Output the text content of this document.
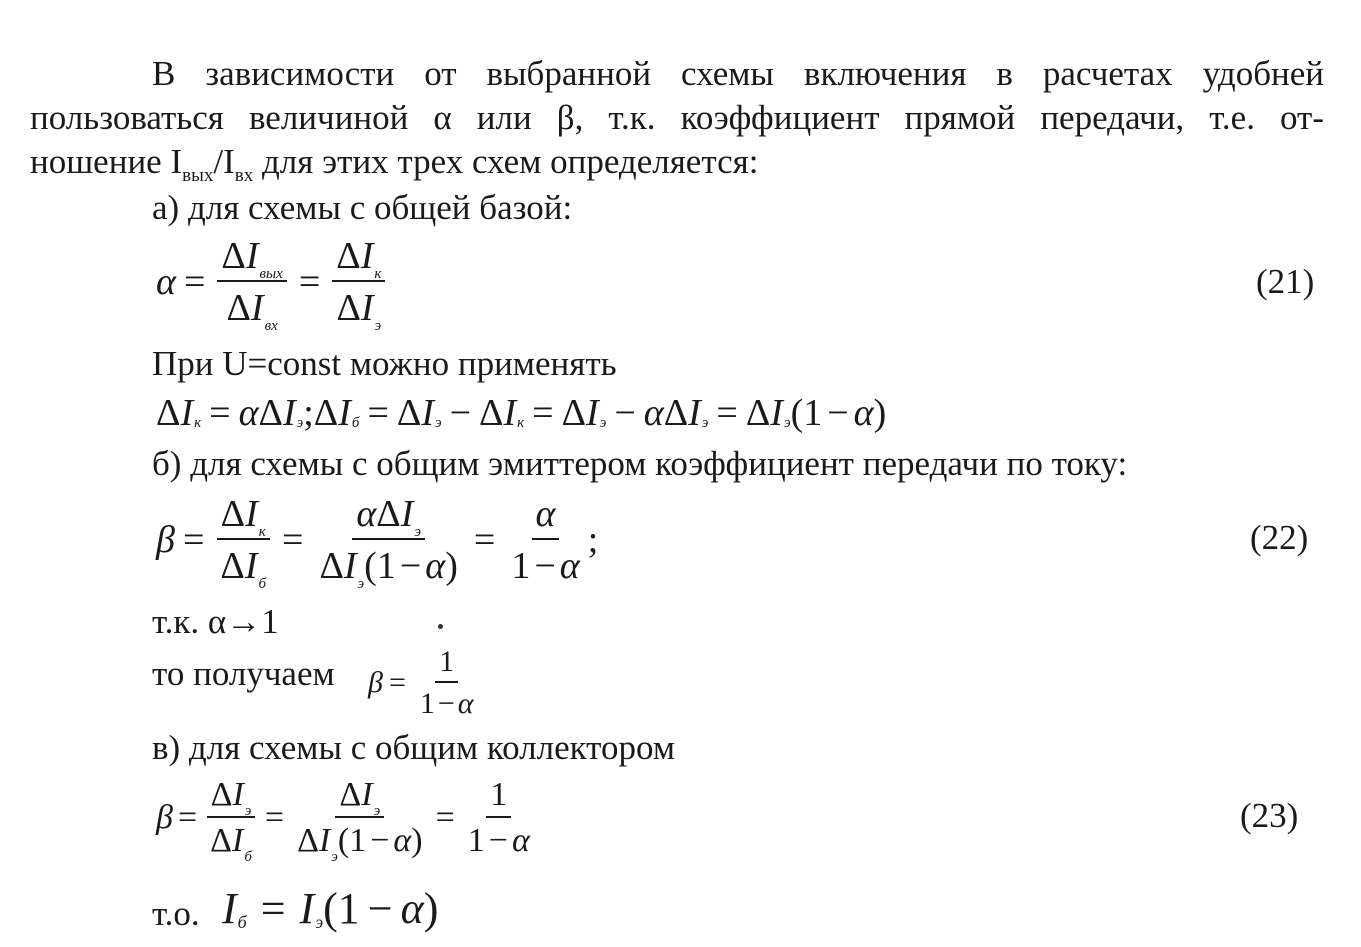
В зависимости от выбранной схемы включения в расчетах удобней
пользоваться величиной α или β, т.к. коэффициент прямой передачи, т.е. от-
ношение $I_{вых}/I_{вх}$ для этих трех схем определяется:
а) для схемы с общей базой:
$\alpha = \frac{\Delta I_{вых}}{\Delta I_{вх}} = \frac{\Delta I_к}{\Delta I_э}$	(21)
При U=const можно применять
Δ I к = α Δ I э ; Δ I б = Δ I э − Δ I к = Δ I э − α Δ I э = Δ I э ( 1 − α )
б) для схемы с общим эмиттером коэффициент передачи по току:
$\beta = \frac{\Delta I_к}{\Delta I_б} = \frac{\alpha\Delta I_э}{\Delta I_э(1 - \alpha)} = \frac{\alpha}{1 - \alpha}$ ;	(22)
т.к. α→1
то получаем $\beta = \frac{1}{1 - \alpha}$
в) для схемы с общим коллектором
$\beta = \frac{\Delta I_э}{\Delta I_б} = \frac{\Delta I_э}{\Delta I_э(1 - \alpha)} = \frac{1}{1 - \alpha}$	(23)
т.о. I б = I э ( 1 − α )
